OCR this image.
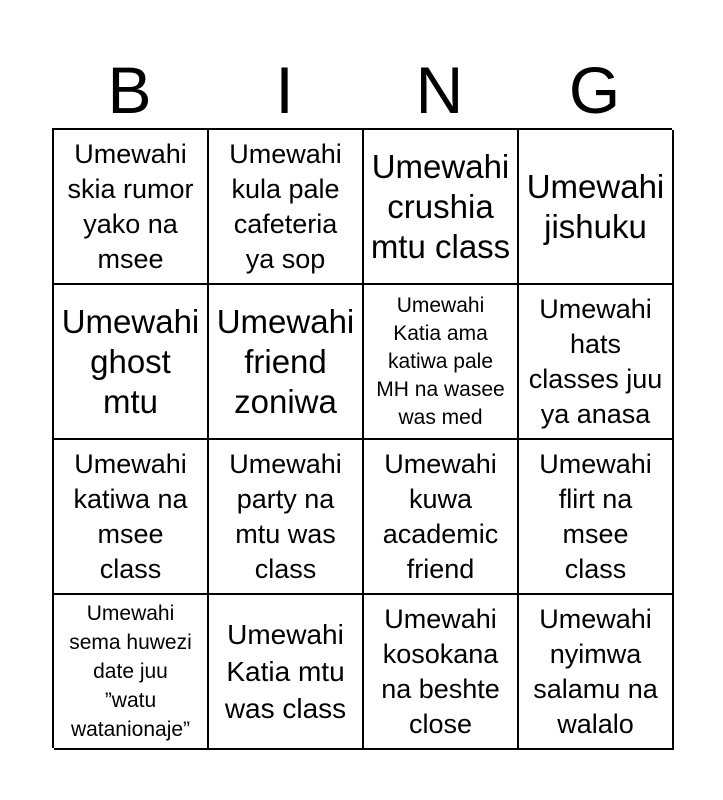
B	I	N	G
Umewahi
skia rumor
yako na
msee
Umewahi
kula pale
cafeteria
ya sop
Umewahi
crushia
mtu class
Umewahi
jishuku
Umewahi
ghost
mtu
Umewahi
friend
zoniwa
Umewahi
Katia ama
katiwa pale
MH na wasee
was med
Umewahi
hats
classes juu
ya anasa
Umewahi
katiwa na
msee
class
Umewahi
party na
mtu was
class
Umewahi
kuwa
academic
friend
Umewahi
flirt na
msee
class
Umewahi
sema huwezi
date juu
”watu
watanionaje”
Umewahi
Katia mtu
was class
Umewahi
kosokana
na beshte
close
Umewahi
nyimwa
salamu na
walalo
